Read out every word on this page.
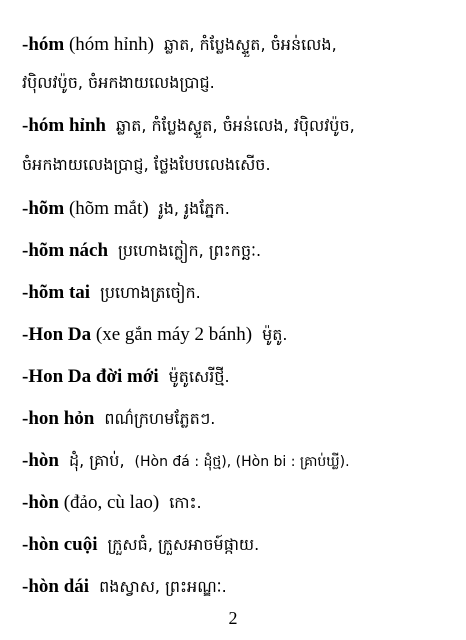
-hóm (hóm hỉnh) ឆ្លាត, កំប្លែងស្ទួត, ចំអន់លេង,
វប៉ិលវប៉ូច, ចំអកងាយលេងប្រាជ្ញ.
-hóm hỉnh ឆ្លាត, កំប្លែងស្ទួត, ចំអន់លេង, វប៉ិលវប៉ូច,
ចំអកងាយលេងប្រាជ្ញ, ថ្លែងបែបលេងសើច.
-hõm (hõm mắt) រូង, រូងភ្នែក.
-hõm nách ប្រហោងក្លៀក, ព្រះកច្ឆៈ.
-hõm tai ប្រហោងត្រចៀក.
-Hon Da (xe gắn máy 2 bánh) ម៉ូតូ.
-Hon Da đời mới ម៉ូតូសេរីថ្មី.
-hon hỏn ពណ៌ក្រហមភ្លែតៗ.
-hòn ដុំ, គ្រាប់, (Hòn đá : ដុំថ្ម), (Hòn bi : គ្រាប់ឃ្លី).
-hòn (đảo, cù lao) កោះ.
-hòn cuội ក្រួសធំ, ក្រួសអាចម៍ផ្កាយ.
-hòn dái ពងស្វាស, ព្រះអណ្ឌៈ.
2
